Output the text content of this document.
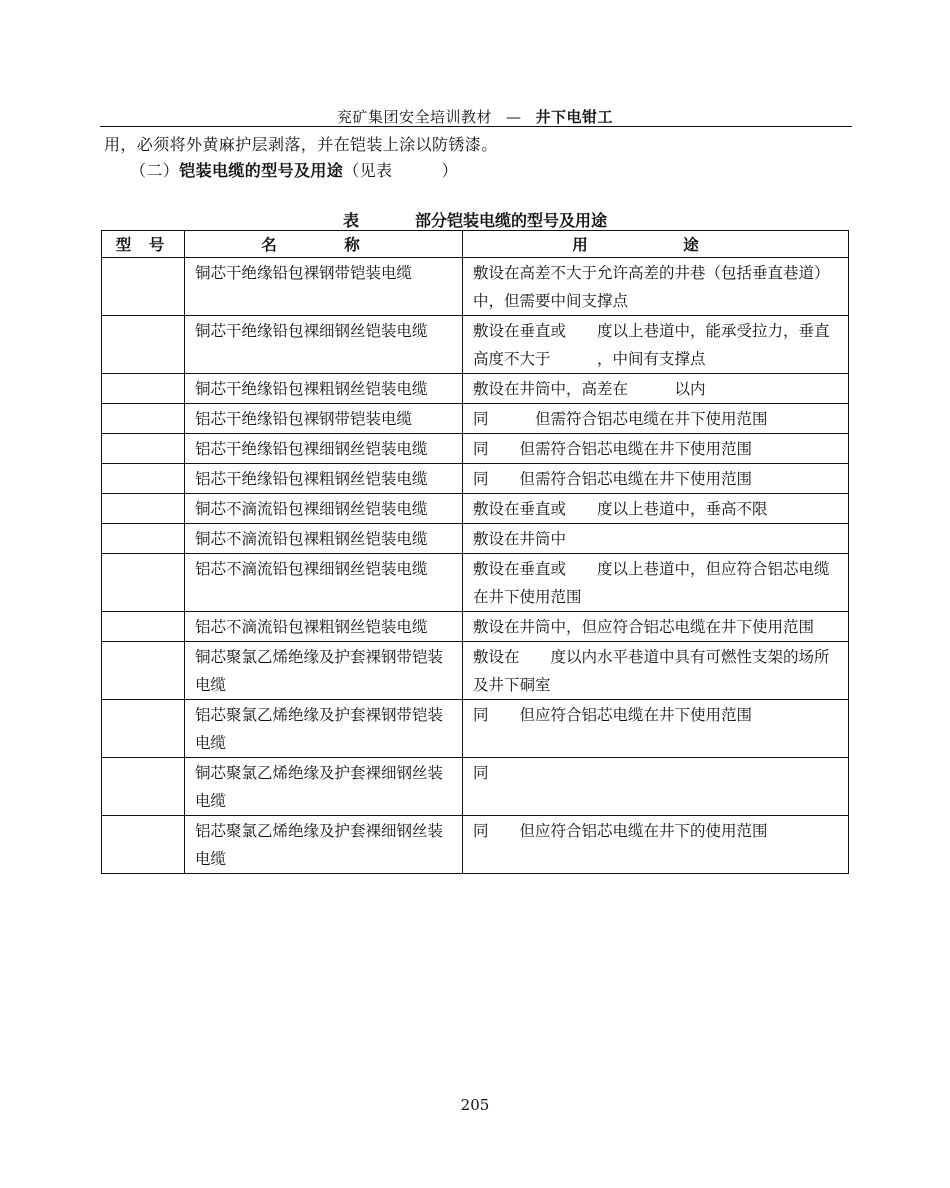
兖矿集团安全培训教材 — 井下电钳工
用，必须将外黄麻护层剥落，并在铠装上涂以防锈漆。
（二）铠装电缆的型号及用途（见表　　　）
表	部分铠装电缆的型号及用途
型 号	名　称	用　途
	铜芯干绝缘铅包裸钢带铠装电缆	敷设在高差不大于允许高差的井巷（包括垂直巷道）中，但需要中间支撑点
	铜芯干绝缘铅包裸细钢丝铠装电缆	敷设在垂直或　　度以上巷道中，能承受拉力，垂直高度不大于　　　，中间有支撑点
	铜芯干绝缘铅包裸粗钢丝铠装电缆	敷设在井筒中，高差在　　　以内
	铝芯干绝缘铅包裸钢带铠装电缆	同　　　但需符合铝芯电缆在井下使用范围
	铝芯干绝缘铅包裸细钢丝铠装电缆	同　　但需符合铝芯电缆在井下使用范围
	铝芯干绝缘铅包裸粗钢丝铠装电缆	同　　但需符合铝芯电缆在井下使用范围
	铜芯不滴流铅包裸细钢丝铠装电缆	敷设在垂直或　　度以上巷道中，垂高不限
	铜芯不滴流铅包裸粗钢丝铠装电缆	敷设在井筒中
	铝芯不滴流铅包裸细钢丝铠装电缆	敷设在垂直或　　度以上巷道中，但应符合铝芯电缆在井下使用范围
	铝芯不滴流铅包裸粗钢丝铠装电缆	敷设在井筒中，但应符合铝芯电缆在井下使用范围
	铜芯聚氯乙烯绝缘及护套裸钢带铠装电缆	敷设在　　度以内水平巷道中具有可燃性支架的场所及井下硐室
	铝芯聚氯乙烯绝缘及护套裸钢带铠装电缆	同　　但应符合铝芯电缆在井下使用范围
	铜芯聚氯乙烯绝缘及护套裸细钢丝装电缆	同
	铝芯聚氯乙烯绝缘及护套裸细钢丝装电缆	同　　但应符合铝芯电缆在井下的使用范围
205
